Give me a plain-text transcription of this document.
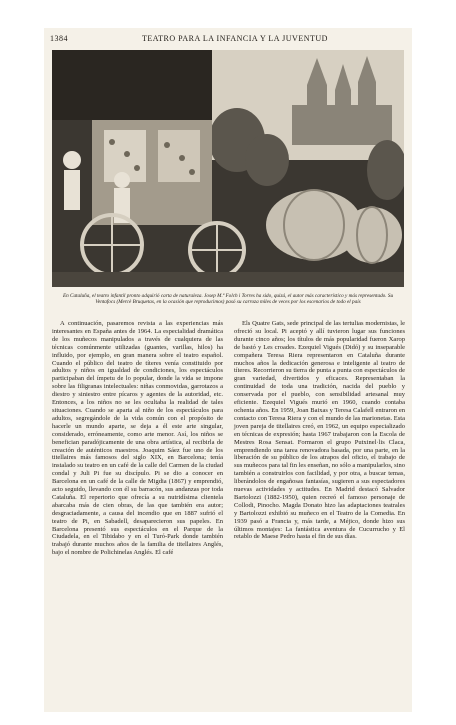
1384	TEATRO PARA LA INFANCIA Y LA JUVENTUD
En Cataluña, el teatro infantil pronto adquirió carta de naturaleza. Josep M.ª Folch i Torres ha sido, quizá, el autor más característico y más representado. Su Ventafocs (Mercè Bruquetas, en la ocasión que reproducimos) pasó su carroza miles de veces por los escenarios de todo el país

A continuación, pasaremos revista a las experiencias más interesantes en España antes de 1964. La especialidad dramática de los muñecos manipulados a través de cualquiera de las técnicas comúnmente utilizadas (guantes, varillas, hilos) ha influido, por ejemplo, en gran manera sobre el teatro español. Cuando el público del teatro de títeres venía constituido por adultos y niños en igualdad de condiciones, los espectáculos participaban del ímpetu de lo popular, donde la vida se impone sobre las filigranas intelectuales: niñas conmovidas, garrotazos a diestro y siniestro entre pícaros y agentes de la autoridad, etc. Entonces, a los niños no se les ocultaba la realidad de tales situaciones. Cuando se aparta al niño de los espectáculos para adultos, segregándole de la vida común con el propósito de hacerle un mundo aparte, se deja a él este arte singular, considerado, erróneamente, como arte menor. Así, los niños se benefician paradójicamente de una obra artística, al recibirla de creación de auténticos maestros. Joaquim Sáez fue uno de los titellaires más famosos del siglo XIX, en Barcelona; tenía instalado su teatro en un café de la calle del Carmen de la ciudad condal y Juli Pi fue su discípulo. Pi se dio a conocer en Barcelona en un café de la calle de Migdia (1867) y emprendió, acto seguido, llevando con él su barracón, sus andanzas por toda Cataluña. El repertorio que ofrecía a su nutridísima clientela abarcaba más de cien obras, de las que también era autor; desgraciadamente, a causa del incendio que en 1887 sufrió el teatro de Pi, en Sabadell, desaparecieron sus papeles. En Barcelona presentó sus espectáculos en el Parque de la Ciudadela, en el Tibidabo y en el Turó-Park donde también trabajó durante muchos años de la familia de titellaires Anglés, bajo el nombre de Polichinelas Anglés. El café

Els Quatre Gats, sede principal de las tertulias modernistas, le ofreció su local. Pi aceptó y allí tuvieron lugar sus funciones durante cinco años; los títulos de más popularidad fueron Xarop de bastó y Les croades. Ezequiel Vigués (Didó) y su inseparable compañera Teresa Riera representaron en Cataluña durante muchos años la dedicación generosa e inteligente al teatro de títeres. Recorrieron su tierra de punta a punta con espectáculos de gran variedad, divertidos y eficaces. Representaban la continuidad de toda una tradición, nacida del pueblo y conservada por el pueblo, con sensibilidad artesanal muy eficiente. Ezequiel Vigués murió en 1960, cuando contaba ochenta años. En 1959, Joan Baixas y Teresa Calafell entraron en contacto con Teresa Riera y con el mundo de las marionetas. Esta joven pareja de titellaires creó, en 1962, un equipo especializado en técnicas de expresión; hasta 1967 trabajaron con la Escola de Mestres Rosa Sensat. Formaron el grupo Putxinel·lis Claca, emprendiendo una tarea renovadora basada, por una parte, en la liberación de su público de los atrapos del oficio, el trabajo de sus muñecos para tal fin les enseñan, no sólo a manipularlos, sino también a construirlos con facilidad, y por otra, a buscar temas, liberándolos de engañosas fantasías, sugieren a sus espectadores nuevas actividades y actitudes. En Madrid destacó Salvador Bartolozzi (1882-1950), quien recreó el famoso personaje de Collodi, Pinocho. Magda Donato hizo las adaptaciones teatrales y Bartolozzi exhibió su muñeco en el Teatro de la Comedia. En 1939 pasó a Francia y, más tarde, a Méjico, donde hizo sus últimos montajes: La fantástica aventura de Cucurrucho y El retablo de Maese Pedro hasta el fin de sus días.
